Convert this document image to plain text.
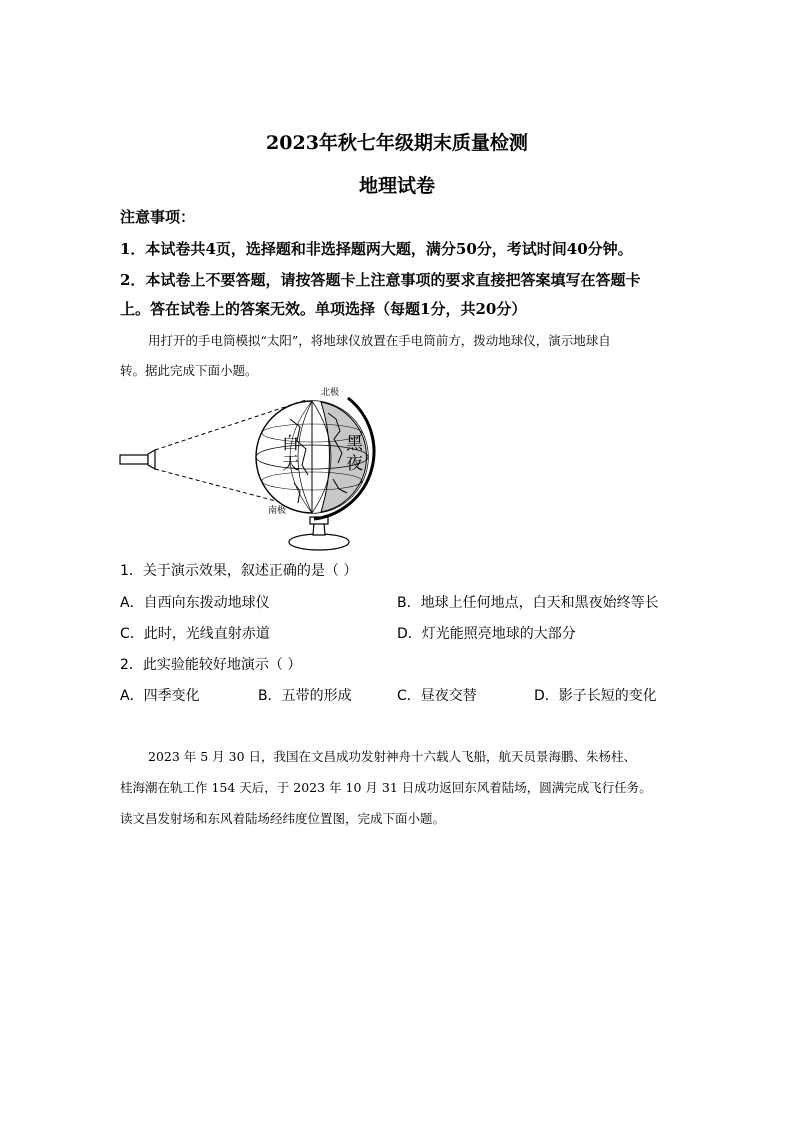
2023年秋七年级期末质量检测
地理试卷
注意事项：
1．本试卷共4页，选择题和非选择题两大题，满分50分，考试时间40分钟。
2．本试卷上不要答题，请按答题卡上注意事项的要求直接把答案填写在答题卡
上。答在试卷上的答案无效。单项选择（每题1分，共20分）
用打开的手电筒模拟“太阳”，将地球仪放置在手电筒前方，拨动地球仪，演示地球自
转。据此完成下面小题。
北极
南极
白
天
黑
夜
1．关于演示效果，叙述正确的是（ ）
A．自西向东拨动地球仪	B．地球上任何地点，白天和黑夜始终等长
C．此时，光线直射赤道	D．灯光能照亮地球的大部分
2．此实验能较好地演示（ ）
A．四季变化	B．五带的形成	C．昼夜交替	D．影子长短的变化
2023 年 5 月 30 日，我国在文昌成功发射神舟十六载人飞船，航天员景海鹏、朱杨柱、
桂海潮在轨工作 154 天后，于 2023 年 10 月 31 日成功返回东风着陆场，圆满完成飞行任务。
读文昌发射场和东风着陆场经纬度位置图，完成下面小题。
